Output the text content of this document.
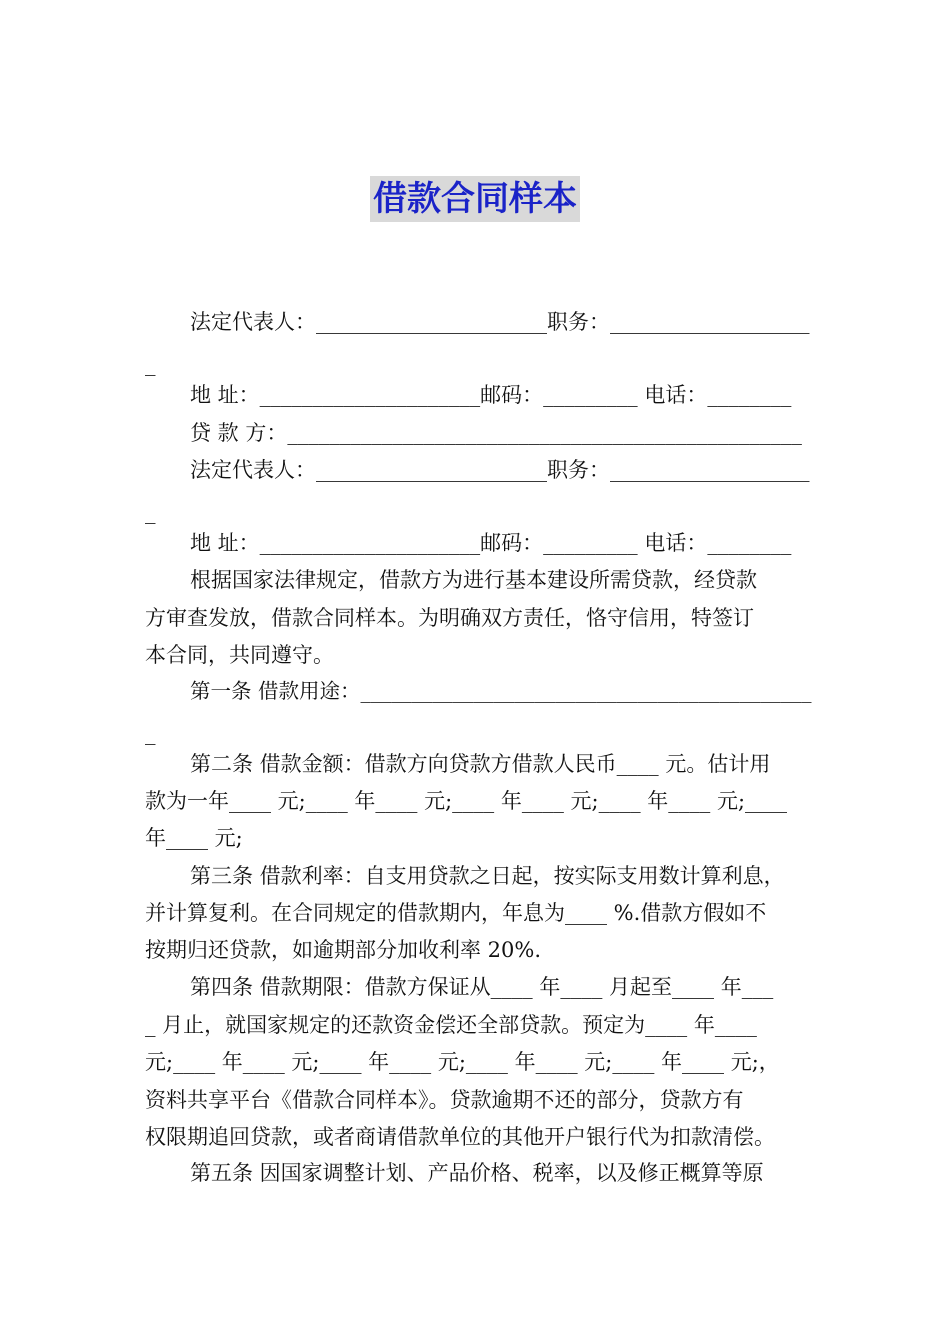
借款合同样本
法定代表人：______________________职务：___________________
_
地 址：_____________________邮码：_________ 电话：________
贷 款 方：_________________________________________________
法定代表人：______________________职务：___________________
_
地 址：_____________________邮码：_________ 电话：________
根据国家法律规定，借款方为进行基本建设所需贷款，经贷款
方审查发放，借款合同样本。为明确双方责任，恪守信用，特签订
本合同，共同遵守。
第一条 借款用途：____________________________________________
_
第二条 借款金额：借款方向贷款方借款人民币____ 元。估计用
款为一年____ 元;____ 年____ 元;____ 年____ 元;____ 年____ 元;____
年____ 元;
第三条 借款利率：自支用贷款之日起，按实际支用数计算利息，
并计算复利。在合同规定的借款期内，年息为____ %.借款方假如不
按期归还贷款，如逾期部分加收利率 20%.
第四条 借款期限：借款方保证从____ 年____ 月起至____ 年___
_ 月止，就国家规定的还款资金偿还全部贷款。预定为____ 年____
元;____ 年____ 元;____ 年____ 元;____ 年____ 元;____ 年____ 元;，
资料共享平台《借款合同样本》。贷款逾期不还的部分，贷款方有
权限期追回贷款，或者商请借款单位的其他开户银行代为扣款清偿。
第五条 因国家调整计划、产品价格、税率，以及修正概算等原
